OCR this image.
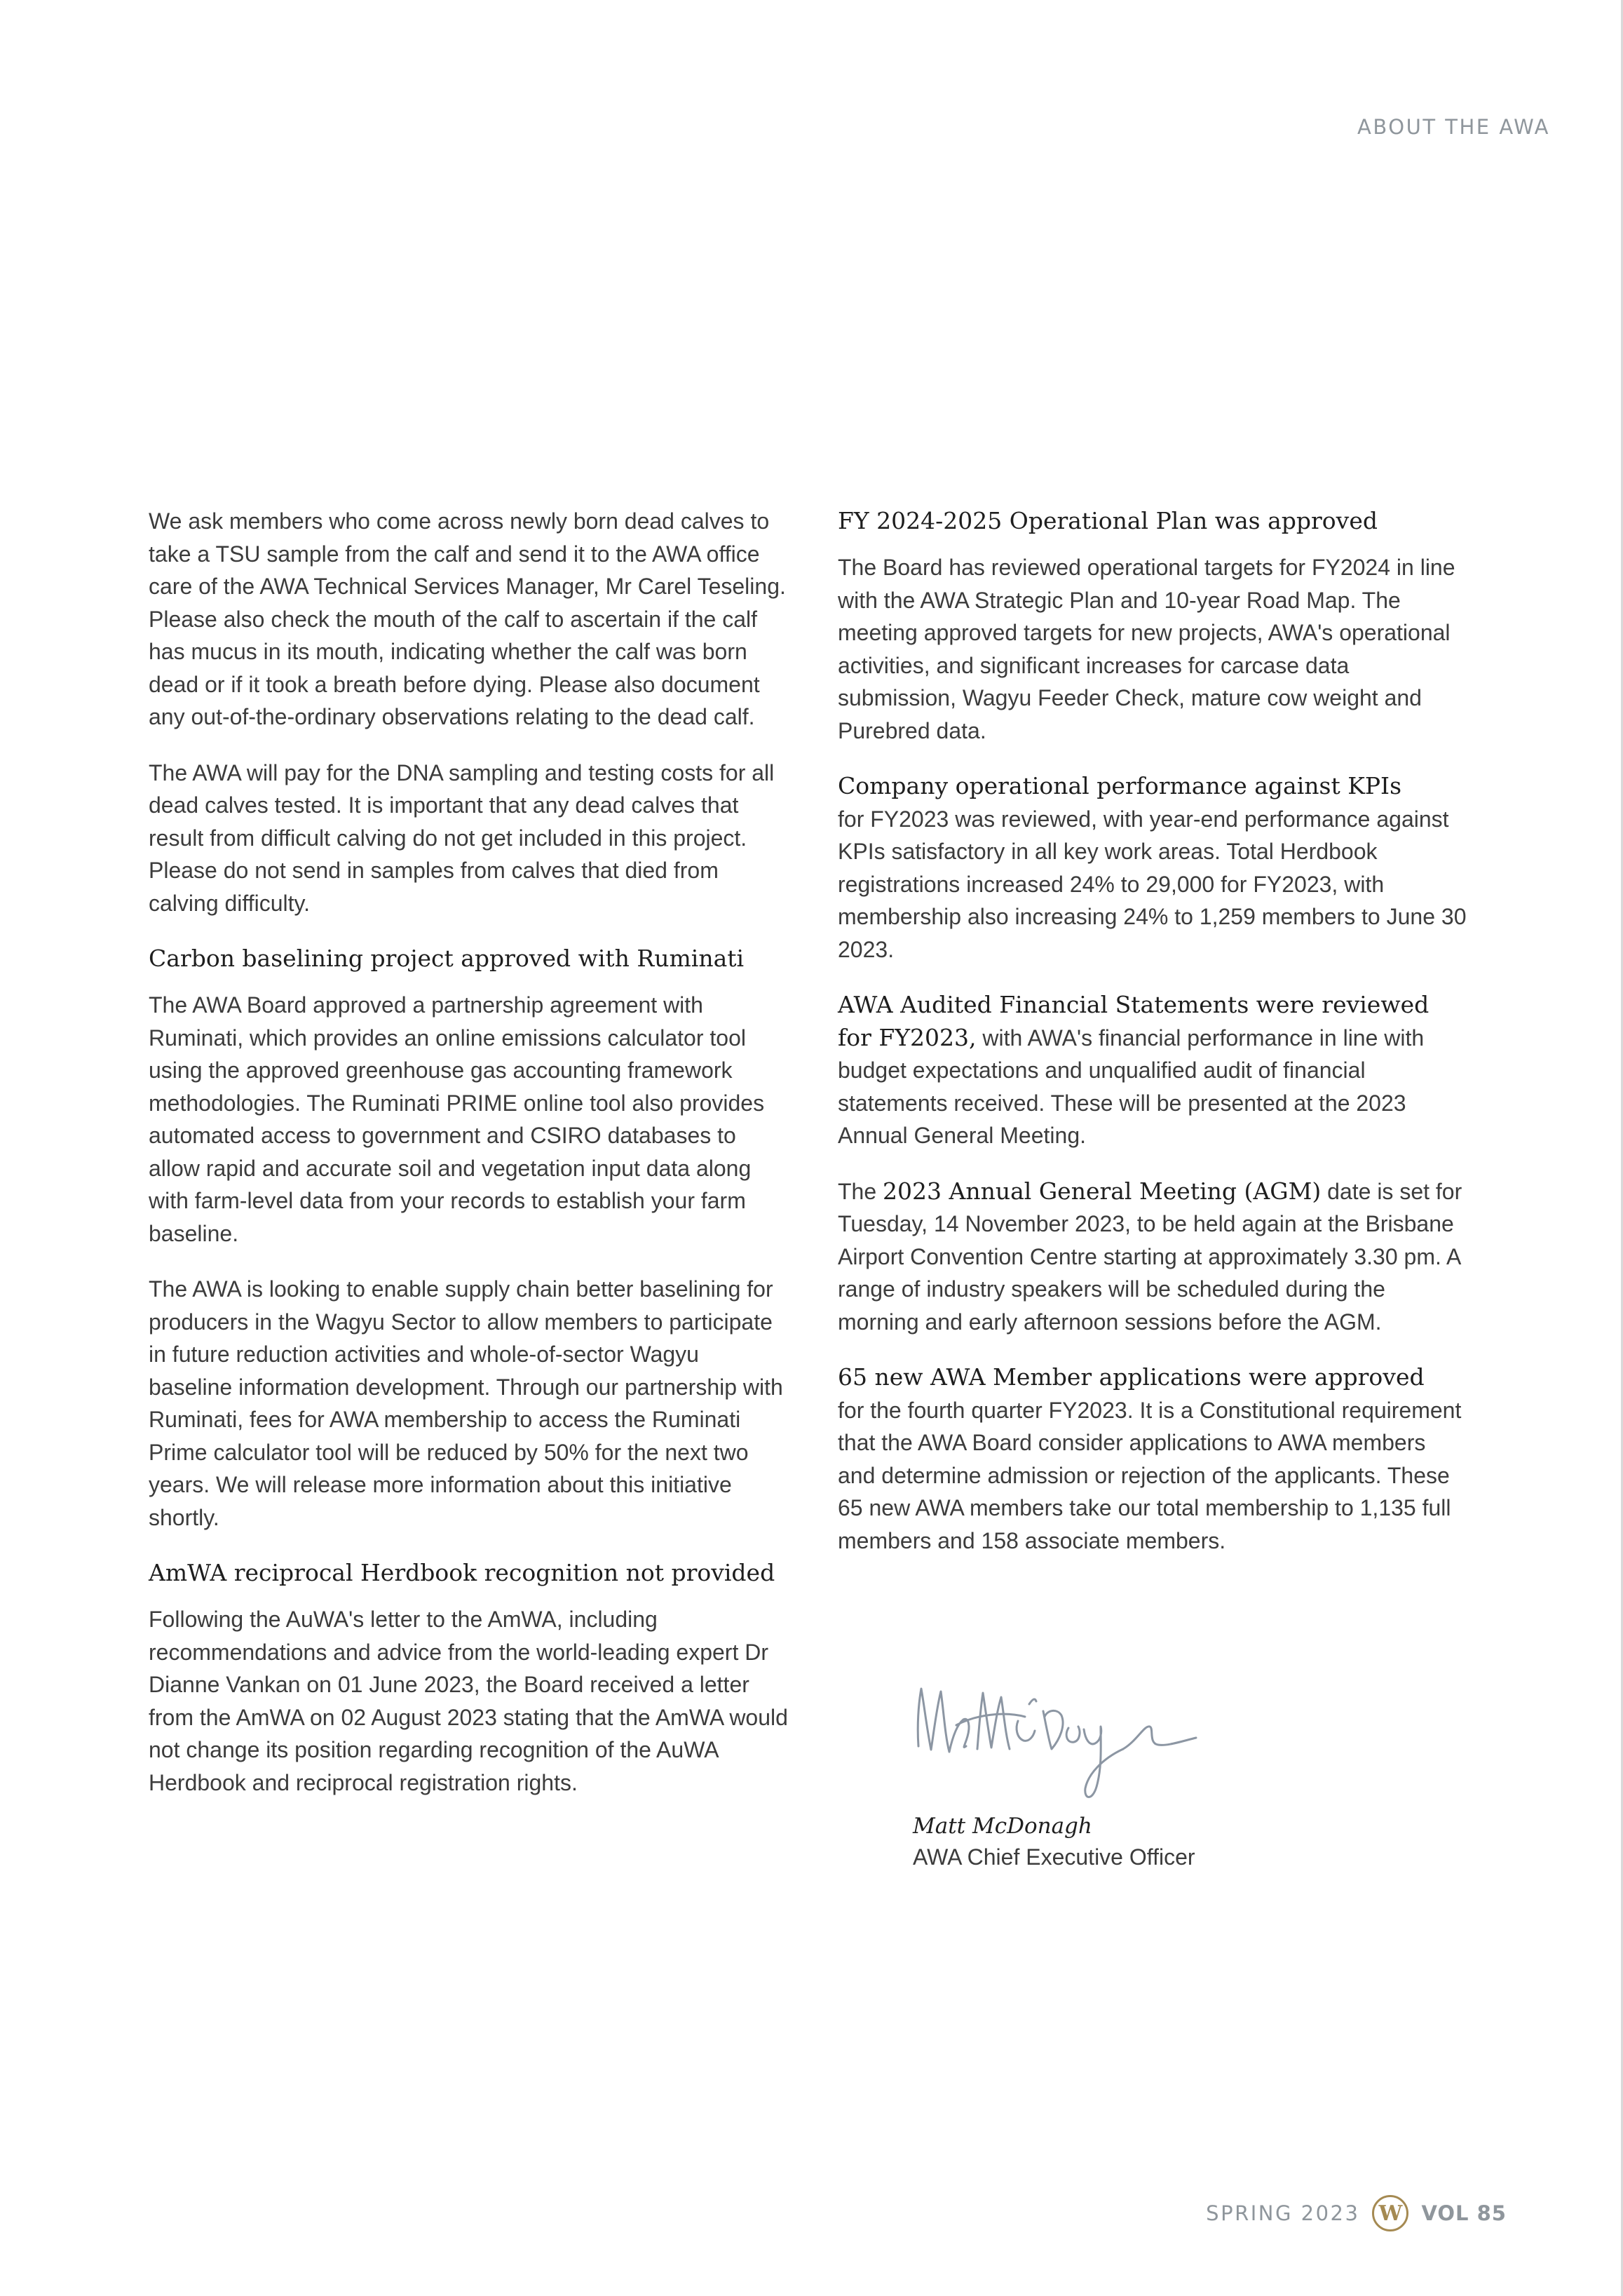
ABOUT THE AWA

We ask members who come across newly born dead calves to take a TSU sample from the calf and send it to the AWA office care of the AWA Technical Services Manager, Mr Carel Teseling. Please also check the mouth of the calf to ascertain if the calf has mucus in its mouth, indicating whether the calf was born dead or if it took a breath before dying. Please also document any out-of-the-ordinary observations relating to the dead calf.

The AWA will pay for the DNA sampling and testing costs for all dead calves tested. It is important that any dead calves that result from difficult calving do not get included in this project. Please do not send in samples from calves that died from calving difficulty.

Carbon baselining project approved with Ruminati

The AWA Board approved a partnership agreement with Ruminati, which provides an online emissions calculator tool using the approved greenhouse gas accounting framework methodologies. The Ruminati PRIME online tool also provides automated access to government and CSIRO databases to allow rapid and accurate soil and vegetation input data along with farm-level data from your records to establish your farm baseline.

The AWA is looking to enable supply chain better baselining for producers in the Wagyu Sector to allow members to participate in future reduction activities and whole-of-sector Wagyu baseline information development. Through our partnership with Ruminati, fees for AWA membership to access the Ruminati Prime calculator tool will be reduced by 50% for the next two years. We will release more information about this initiative shortly.

AmWA reciprocal Herdbook recognition not provided

Following the AuWA's letter to the AmWA, including recommendations and advice from the world-leading expert Dr Dianne Vankan on 01 June 2023, the Board received a letter from the AmWA on 02 August 2023 stating that the AmWA would not change its position regarding recognition of the AuWA Herdbook and reciprocal registration rights.

FY 2024-2025 Operational Plan was approved

The Board has reviewed operational targets for FY2024 in line with the AWA Strategic Plan and 10-year Road Map. The meeting approved targets for new projects, AWA's operational activities, and significant increases for carcase data submission, Wagyu Feeder Check, mature cow weight and Purebred data.

Company operational performance against KPIs
for FY2023 was reviewed, with year-end performance against KPIs satisfactory in all key work areas. Total Herdbook registrations increased 24% to 29,000 for FY2023, with membership also increasing 24% to 1,259 members to June 30 2023.

AWA Audited Financial Statements were reviewed for FY2023, with AWA's financial performance in line with budget expectations and unqualified audit of financial statements received. These will be presented at the 2023 Annual General Meeting.

The 2023 Annual General Meeting (AGM) date is set for Tuesday, 14 November 2023, to be held again at the Brisbane Airport Convention Centre starting at approximately 3.30 pm. A range of industry speakers will be scheduled during the morning and early afternoon sessions before the AGM.

65 new AWA Member applications were approved
for the fourth quarter FY2023. It is a Constitutional requirement that the AWA Board consider applications to AWA members and determine admission or rejection of the applicants. These 65 new AWA members take our total membership to 1,135 full members and 158 associate members.

Matt McDonagh
AWA Chief Executive Officer
SPRING 2023 W VOL 85
